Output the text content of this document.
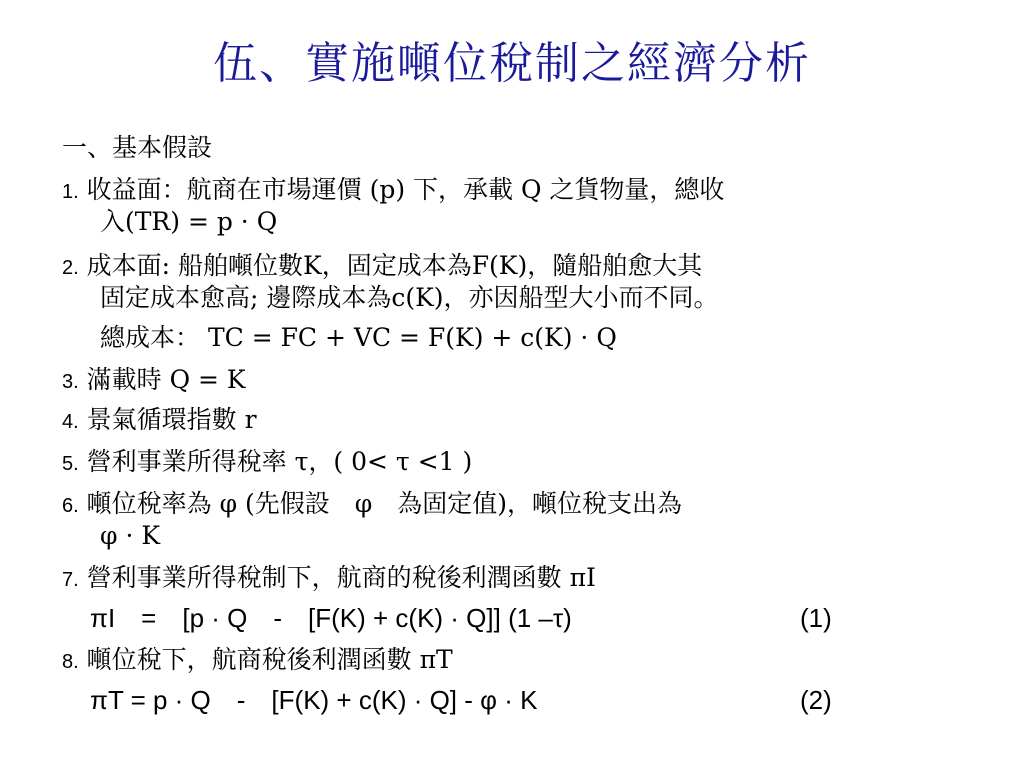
伍、實施噸位稅制之經濟分析
一、基本假設
1. 收益面：航商在市場運價 (p) 下，承載 Q 之貨物量，總收
入(TR) = p · Q
2. 成本面: 船舶噸位數K，固定成本為F(K)，隨船舶愈大其
固定成本愈高; 邊際成本為c(K)，亦因船型大小而不同。
總成本： TC = FC + VC = F(K) + c(K) · Q
3. 滿載時 Q = K
4. 景氣循環指數 r
5. 營利事業所得稅率 τ，( 0< τ <1 )
6. 噸位稅率為 φ (先假設　φ　為固定值)，噸位稅支出為
φ · K
7. 營利事業所得稅制下，航商的稅後利潤函數 πI
πI　=　[p · Q　-　[F(K) + c(K) · Q]] (1 –τ)	(1)
8. 噸位稅下，航商稅後利潤函數 πT
πT = p · Q　-　[F(K) + c(K) · Q] - φ · K	(2)
